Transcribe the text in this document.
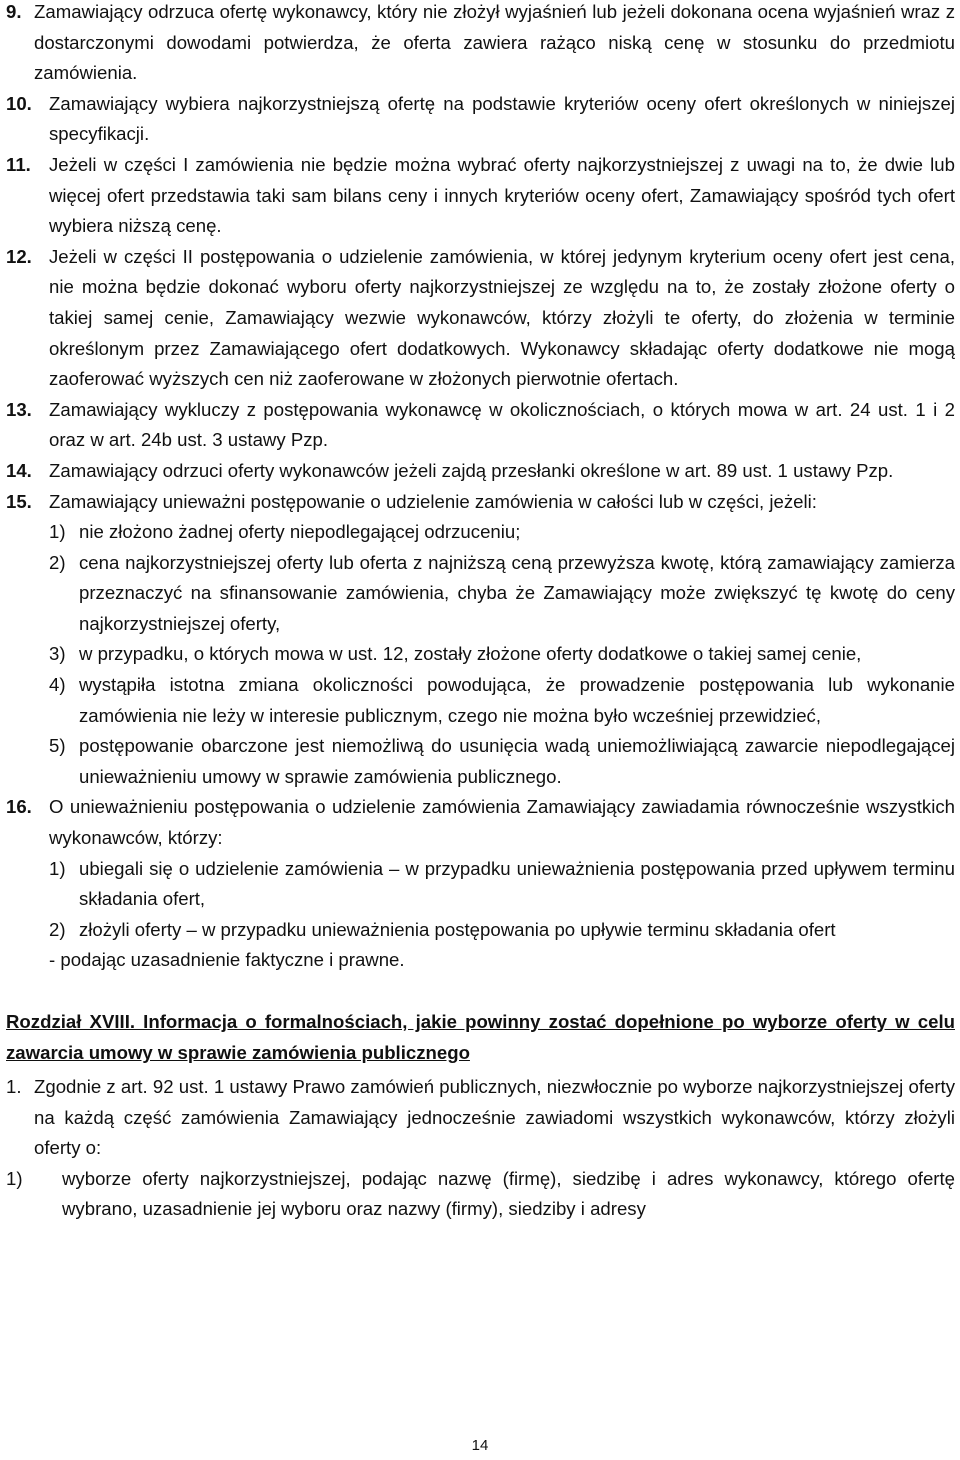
9. Zamawiający odrzuca ofertę wykonawcy, który nie złożył wyjaśnień lub jeżeli dokonana ocena wyjaśnień wraz z dostarczonymi dowodami potwierdza, że oferta zawiera rażąco niską cenę w stosunku do przedmiotu zamówienia.
10. Zamawiający wybiera najkorzystniejszą ofertę na podstawie kryteriów oceny ofert określonych w niniejszej specyfikacji.
11. Jeżeli w części I zamówienia nie będzie można wybrać oferty najkorzystniejszej z uwagi na to, że dwie lub więcej ofert przedstawia taki sam bilans ceny i innych kryteriów oceny ofert, Zamawiający spośród tych ofert wybiera niższą cenę.
12. Jeżeli w części II postępowania o udzielenie zamówienia, w której jedynym kryterium oceny ofert jest cena, nie można będzie dokonać wyboru oferty najkorzystniejszej ze względu na to, że zostały złożone oferty o takiej samej cenie, Zamawiający wezwie wykonawców, którzy złożyli te oferty, do złożenia w terminie określonym przez Zamawiającego ofert dodatkowych. Wykonawcy składając oferty dodatkowe nie mogą zaoferować wyższych cen niż zaoferowane w złożonych pierwotnie ofertach.
13. Zamawiający wykluczy z postępowania wykonawcę w okolicznościach, o których mowa w art. 24 ust. 1 i 2 oraz w art. 24b ust. 3 ustawy Pzp.
14. Zamawiający odrzuci oferty wykonawców jeżeli zajdą przesłanki określone w art. 89 ust. 1 ustawy Pzp.
15. Zamawiający unieważni postępowanie o udzielenie zamówienia w całości lub w części, jeżeli:
1) nie złożono żadnej oferty niepodlegającej odrzuceniu;
2) cena najkorzystniejszej oferty lub oferta z najniższą ceną przewyższa kwotę, którą zamawiający zamierza przeznaczyć na sfinansowanie zamówienia, chyba że Zamawiający może zwiększyć tę kwotę do ceny najkorzystniejszej oferty,
3) w przypadku, o których mowa w ust. 12, zostały złożone oferty dodatkowe o takiej samej cenie,
4) wystąpiła istotna zmiana okoliczności powodująca, że prowadzenie postępowania lub wykonanie zamówienia nie leży w interesie publicznym, czego nie można było wcześniej przewidzieć,
5) postępowanie obarczone jest niemożliwą do usunięcia wadą uniemożliwiającą zawarcie niepodlegającej unieważnieniu umowy w sprawie zamówienia publicznego.
16. O unieważnieniu postępowania o udzielenie zamówienia Zamawiający zawiadamia równocześnie wszystkich wykonawców, którzy:
1) ubiegali się o udzielenie zamówienia – w przypadku unieważnienia postępowania przed upływem terminu składania ofert,
2) złożyli oferty – w przypadku unieważnienia postępowania po upływie terminu składania ofert
- podając uzasadnienie faktyczne i prawne.
Rozdział XVIII. Informacja o formalnościach, jakie powinny zostać dopełnione po wyborze oferty w celu zawarcia umowy w sprawie zamówienia publicznego
1. Zgodnie z art. 92 ust. 1 ustawy Prawo zamówień publicznych, niezwłocznie po wyborze najkorzystniejszej oferty na każdą część zamówienia Zamawiający jednocześnie zawiadomi wszystkich wykonawców, którzy złożyli oferty o:
1)	wyborze oferty najkorzystniejszej, podając nazwę (firmę), siedzibę i adres wykonawcy, którego ofertę wybrano, uzasadnienie jej wyboru oraz nazwy (firmy), siedziby i adresy
14
